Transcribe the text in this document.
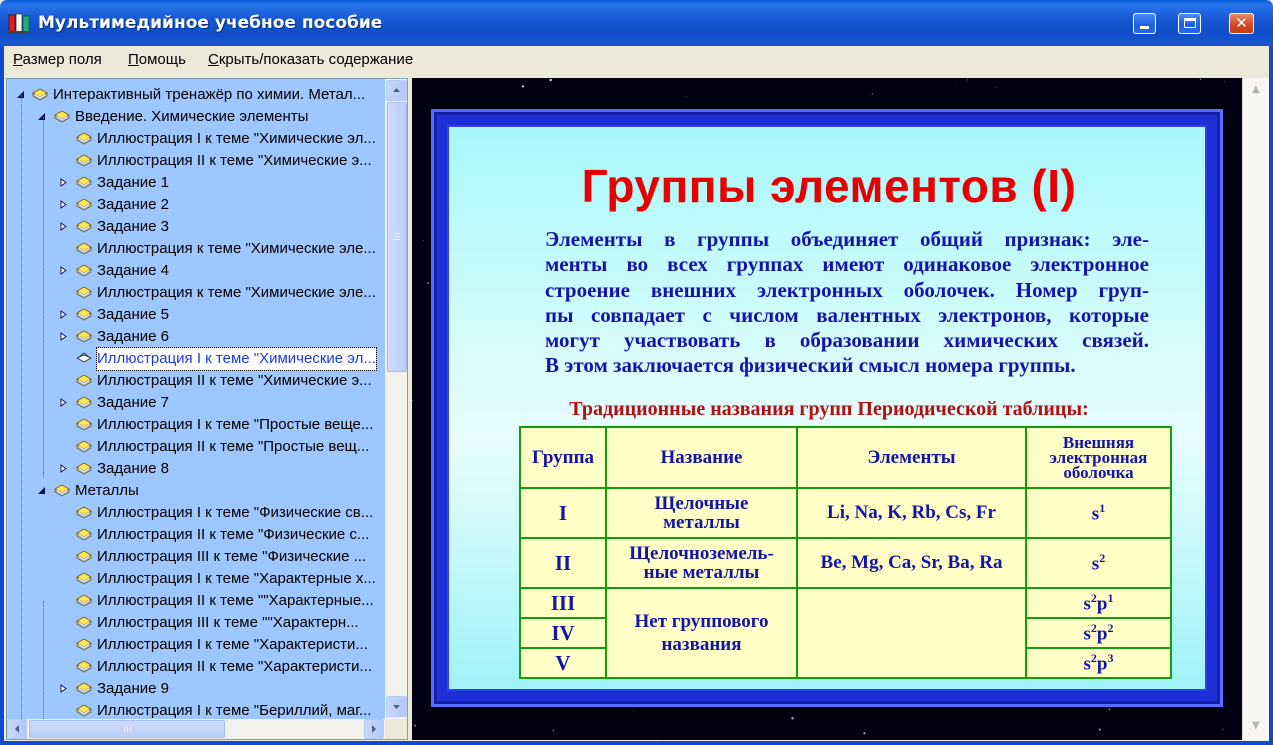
Мультимедийное учебное пособие	✕
Размер поля Помощь Скрыть/показать содержание
Интерактивный тренажёр по химии. Метал...
Введение. Химические элементы
Иллюстрация I к теме "Химические эл...
Иллюстрация II к теме "Химические э...
Задание 1
Задание 2
Задание 3
Иллюстрация к теме "Химические эле...
Задание 4
Иллюстрация к теме "Химические эле...
Задание 5
Задание 6
Иллюстрация I к теме "Химические эл...
Иллюстрация II к теме "Химические э...
Задание 7
Иллюстрация I к теме "Простые веще...
Иллюстрация II к теме "Простые вещ...
Задание 8
Металлы
Иллюстрация I к теме "Физические св...
Иллюстрация II к теме "Физические с...
Иллюстрация III к теме "Физические ...
Иллюстрация I к теме "Характерные х...
Иллюстрация II к теме ""Характерные...
Иллюстрация III к теме ""Характерн...
Иллюстрация I к теме "Характеристи...
Иллюстрация II к теме "Характеристи...
Задание 9
Иллюстрация I к теме "Бериллий, маг...
Группы элементов (I)
Элементы в группы объединяет общий признак: эле-
менты во всех группах имеют одинаковое электронное
строение внешних электронных оболочек. Номер груп-
пы совпадает с числом валентных электронов, которые
могут участвовать в образовании химических связей.
В этом заключается физический смысл номера группы.
Традиционные названия групп Периодической таблицы:
Группа	Название	Элементы	Внешняя
электронная
оболочка

I	Щелочные
металлы	Li, Na, K, Rb, Cs, Fr	$s^1$
II	Щелочноземель-
ные металлы	Be, Mg, Ca, Sr, Ba, Ra	$s^2$
III	Нет группового
названия		$s^2p^1$
IV			$s^2p^2$
V			$s^2p^3$
▲
▼
